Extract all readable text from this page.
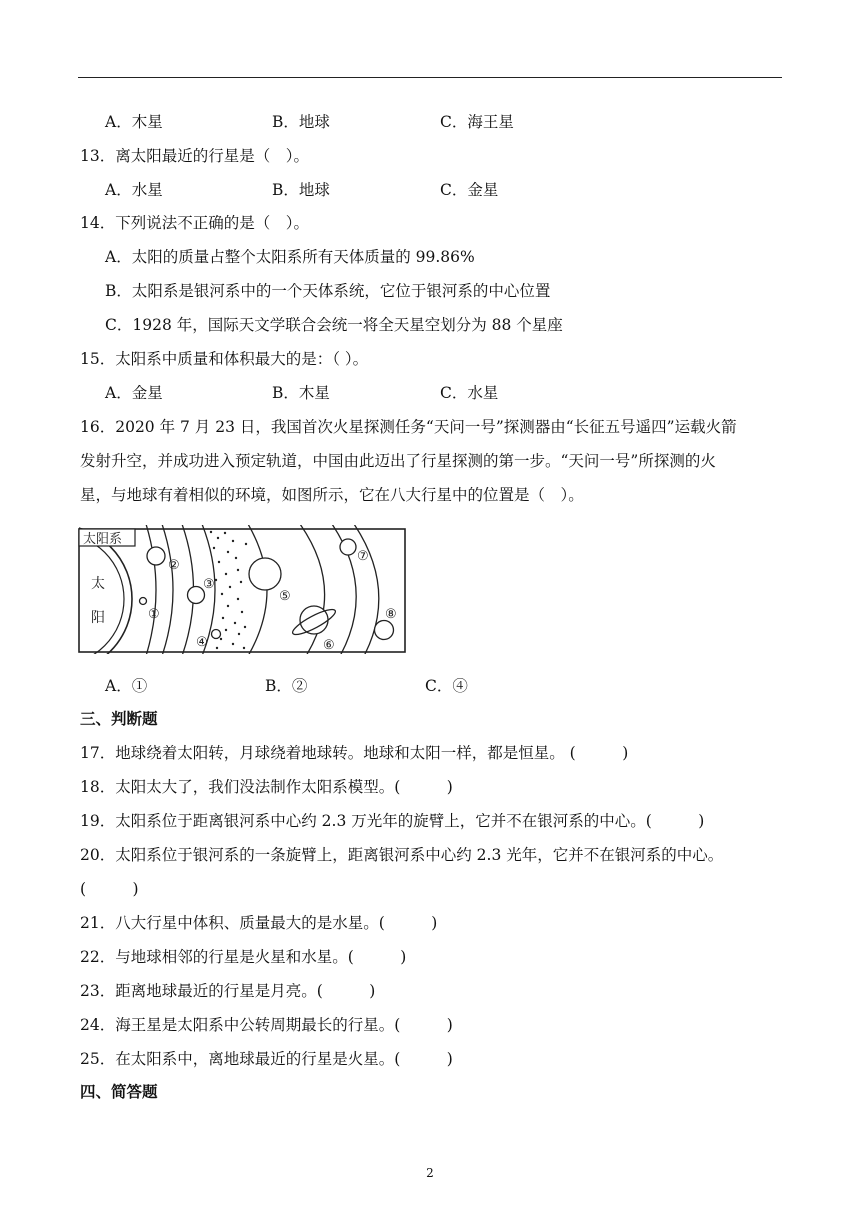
A．木星	B．地球	C．海王星
13．离太阳最近的行星是（　）。
A．水星	B．地球	C．金星
14．下列说法不正确的是（　）。
A．太阳的质量占整个太阳系所有天体质量的 99.86%
B．太阳系是银河系中的一个天体系统，它位于银河系的中心位置
C．1928 年，国际天文学联合会统一将全天星空划分为 88 个星座
15．太阳系中质量和体积最大的是：（ ）。
A．金星	B．木星	C．水星
16．2020 年 7 月 23 日，我国首次火星探测任务“天问一号”探测器由“长征五号遥四”运载火箭
发射升空，并成功进入预定轨道，中国由此迈出了行星探测的第一步。“天问一号”所探测的火
星，与地球有着相似的环境，如图所示，它在八大行星中的位置是（　）。
太阳系
太
阳	①
②
③
④
⑤
⑥
⑦
⑧
A．①	B．②	C．④
三、判断题
17．地球绕着太阳转，月球绕着地球转。地球和太阳一样，都是恒星。 (　　　)
18．太阳太大了，我们没法制作太阳系模型。(　　　)
19．太阳系位于距离银河系中心约 2.3 万光年的旋臂上，它并不在银河系的中心。(　　　)
20．太阳系位于银河系的一条旋臂上，距离银河系中心约 2.3 光年，它并不在银河系的中心。
(　　　)
21．八大行星中体积、质量最大的是水星。(　　　)
22．与地球相邻的行星是火星和水星。(　　　)
23．距离地球最近的行星是月亮。(　　　)
24．海王星是太阳系中公转周期最长的行星。(　　　)
25．在太阳系中，离地球最近的行星是火星。(　　　)
四、简答题
2
